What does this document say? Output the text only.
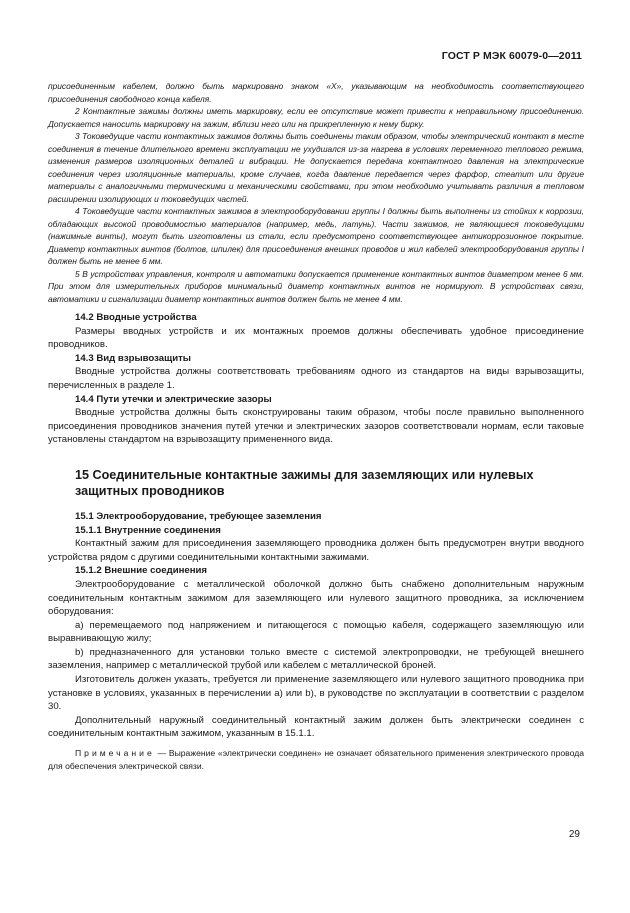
ГОСТ Р МЭК 60079-0—2011

присоединенным кабелем, должно быть маркировано знаком «Х», указывающим на необходимость соответствующего присоединения свободного конца кабеля.

2 Контактные зажимы должны иметь маркировку, если ее отсутствие может привести к неправильному присоединению. Допускается наносить маркировку на зажим, вблизи него или на прикрепленную к нему бирку.

3 Токоведущие части контактных зажимов должны быть соединены таким образом, чтобы электрический контакт в месте соединения в течение длительного времени эксплуатации не ухудшался из-за нагрева в условиях переменного теплового режима, изменения размеров изоляционных деталей и вибрации. Не допускается передача контактного давления на электрические соединения через изоляционные материалы, кроме случаев, когда давление передается через фарфор, стеатит или другие материалы с аналогичными термическими и механическими свойствами, при этом необходимо учитывать различия в тепловом расширении изолирующих и токоведущих частей.

4 Токоведущие части контактных зажимов в электрооборудовании группы I должны быть выполнены из стойких к коррозии, обладающих высокой проводимостью материалов (например, медь, латунь). Части зажимов, не являющиеся токоведущими (нажимные винты), могут быть изготовлены из стали, если предусмотрено соответствующее антикоррозионное покрытие. Диаметр контактных винтов (болтов, шпилек) для присоединения внешних проводов и жил кабелей электрооборудования группы I должен быть не менее 6 мм.

5 В устройствах управления, контроля и автоматики допускается применение контактных винтов диаметром менее 6 мм. При этом для измерительных приборов минимальный диаметр контактных винтов не нормируют. В устройствах связи, автоматики и сигнализации диаметр контактных винтов должен быть не менее 4 мм.

14.2 Вводные устройства

Размеры вводных устройств и их монтажных проемов должны обеспечивать удобное присоединение проводников.

14.3 Вид взрывозащиты

Вводные устройства должны соответствовать требованиям одного из стандартов на виды взрывозащиты, перечисленных в разделе 1.

14.4 Пути утечки и электрические зазоры

Вводные устройства должны быть сконструированы таким образом, чтобы после правильно выполненного присоединения проводников значения путей утечки и электрических зазоров соответствовали нормам, если таковые установлены стандартом на взрывозащиту примененного вида.

15 Соединительные контактные зажимы для заземляющих или нулевых защитных проводников

15.1 Электрооборудование, требующее заземления

15.1.1 Внутренние соединения

Контактный зажим для присоединения заземляющего проводника должен быть предусмотрен внутри вводного устройства рядом с другими соединительными контактными зажимами.

15.1.2 Внешние соединения

Электрооборудование с металлической оболочкой должно быть снабжено дополнительным наружным соединительным контактным зажимом для заземляющего или нулевого защитного проводника, за исключением оборудования:

а) перемещаемого под напряжением и питающегося с помощью кабеля, содержащего заземляющую или выравнивающую жилу;

b) предназначенного для установки только вместе с системой электропроводки, не требующей внешнего заземления, например с металлической трубой или кабелем с металлической броней.

Изготовитель должен указать, требуется ли применение заземляющего или нулевого защитного проводника при установке в условиях, указанных в перечислении а) или b), в руководстве по эксплуатации в соответствии с разделом 30.

Дополнительный наружный соединительный контактный зажим должен быть электрически соединен с соединительным контактным зажимом, указанным в 15.1.1.

Примечание — Выражение «электрически соединен» не означает обязательного применения электрического провода для обеспечения электрической связи.

29
